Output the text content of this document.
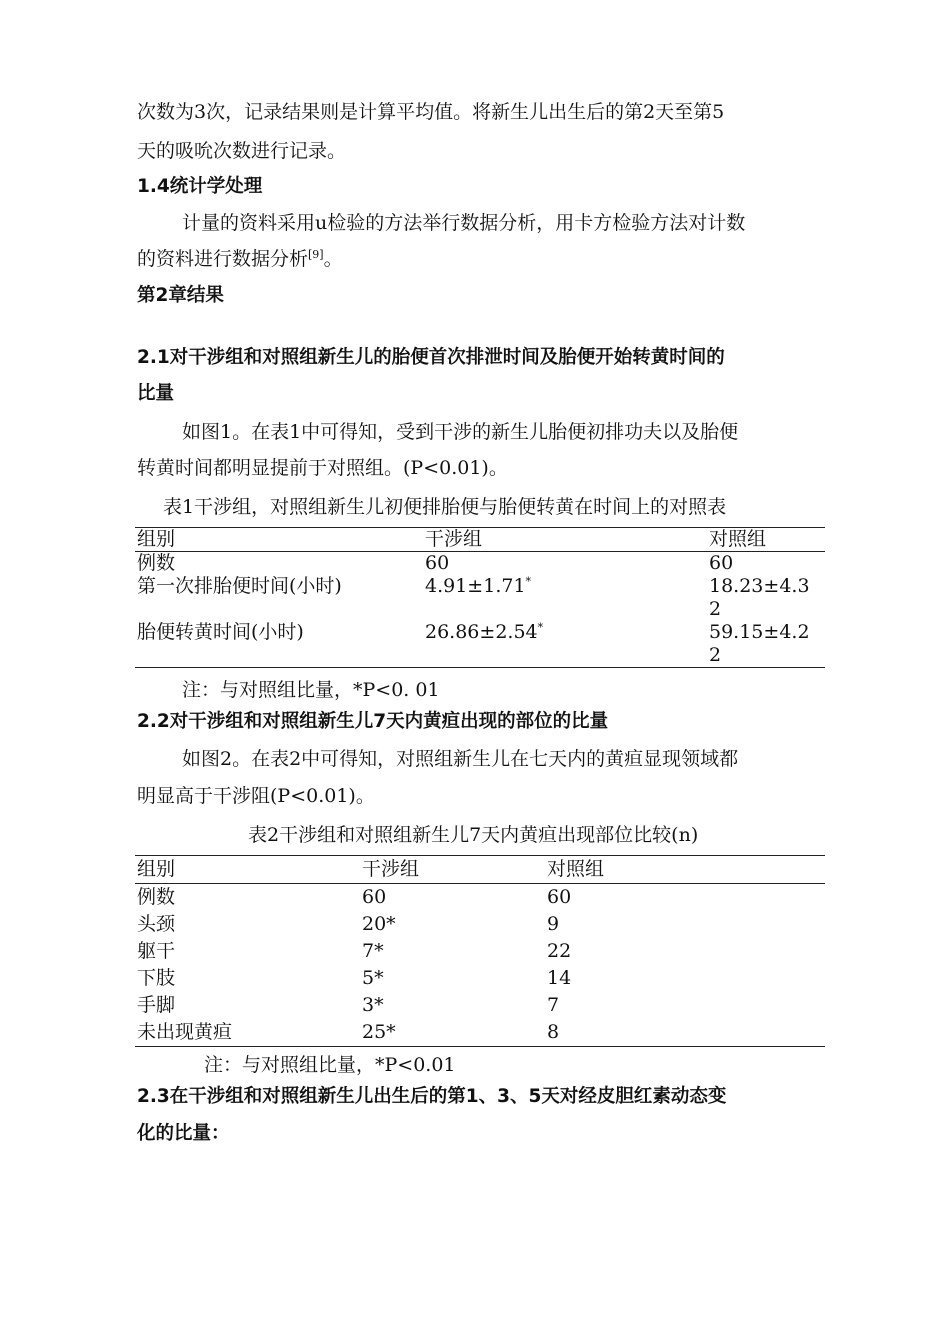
次数为3次，记录结果则是计算平均值。将新生儿出生后的第2天至第5
天的吸吮次数进行记录。
1.4统计学处理
计量的资料采用u检验的方法举行数据分析，用卡方检验方法对计数
的资料进行数据分析[9]。
第2章结果
2.1对干涉组和对照组新生儿的胎便首次排泄时间及胎便开始转黄时间的
比量
如图1。在表1中可得知，受到干涉的新生儿胎便初排功夫以及胎便
转黄时间都明显提前于对照组。(P<0.01)。
表1干涉组，对照组新生儿初便排胎便与胎便转黄在时间上的对照表
组别	干涉组	对照组
例数	60	60
第一次排胎便时间(小时)	4.91±1.71*	18.23±4.3
2
胎便转黄时间(小时)	26.86±2.54*	59.15±4.2
2
注：与对照组比量，*P<0. 01
2.2对干涉组和对照组新生儿7天内黄疸出现的部位的比量
如图2。在表2中可得知，对照组新生儿在七天内的黄疸显现领域都
明显高于干涉阻(P<0.01)。
表2干涉组和对照组新生儿7天内黄疸出现部位比较(n)
组别	干涉组	对照组
例数	60	60
头颈	20*	9
躯干	7*	22
下肢	5*	14
手脚	3*	7
未出现黄疸	25*	8
注：与对照组比量，*P<0.01
2.3在干涉组和对照组新生儿出生后的第1、3、5天对经皮胆红素动态变
化的比量：
